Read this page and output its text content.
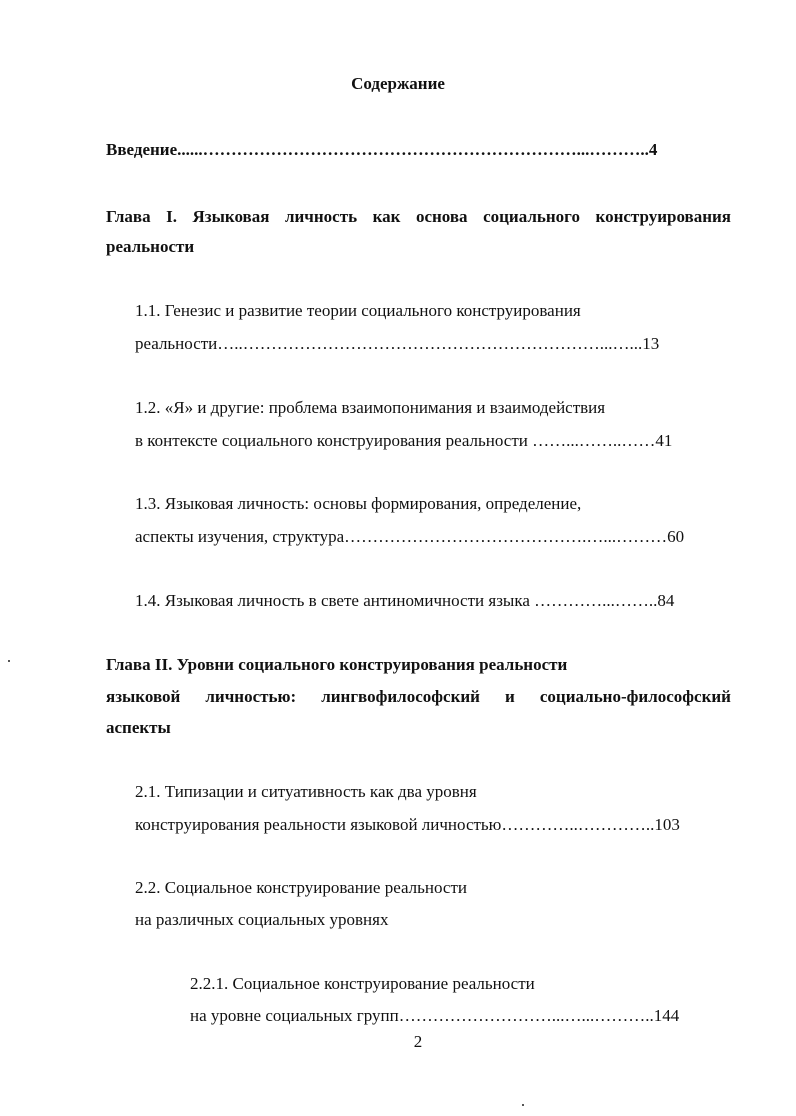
Содержание
Введение......…………………………………………………………...………..4
Глава I. Языковая личность как основа социального конструирования
реальности
1.1. Генезис и развитие теории социального конструирования
реальности…..………………………………………………………...…...13
1.2. «Я» и другие: проблема взаимопонимания и взаимодействия
в контексте социального конструирования реальности ……...……..……41
1.3. Языковая личность: основы формирования, определение,
аспекты изучения, структура…………………………………….…...………60
1.4. Языковая личность в свете антиномичности языка …………...……..84
Глава II. Уровни социального конструирования реальности
языковой личностью: лингвофилософский и социально-философский
аспекты
2.1. Типизации и ситуативность как два уровня
конструирования реальности языковой личностью…………..…………..103
2.2. Социальное конструирование реальности
на различных социальных уровнях
2.2.1. Социальное конструирование реальности
на уровне социальных групп………………………...…...………..144
2
